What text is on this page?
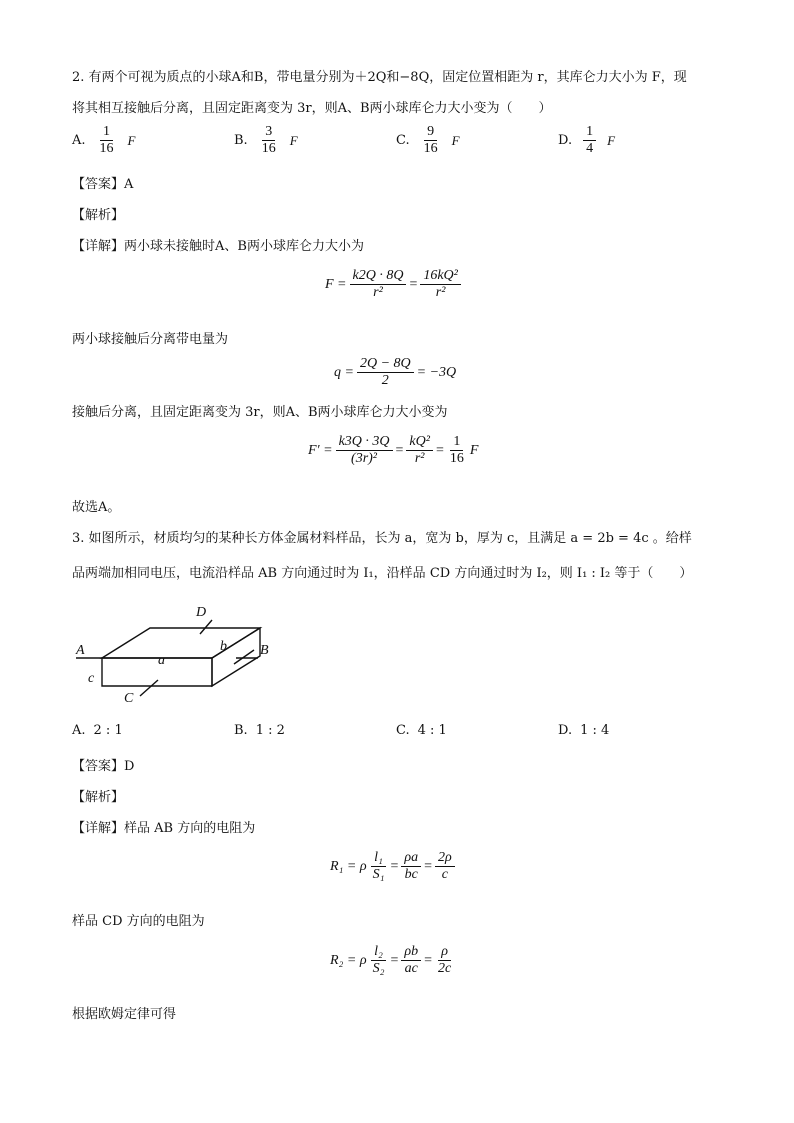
2. 有两个可视为质点的小球A和B，带电量分别为＋2Q和−8Q，固定位置相距为 r，其库仑力大小为 F，现
将其相互接触后分离，且固定距离变为 3r，则A、B两小球库仑力大小变为（　　）
A. $\frac{1}{16}$ F	B. $\frac{3}{16}$ F	C. $\frac{9}{16}$ F	D. $\frac{1}{4}$ F
【答案】A
【解析】
【详解】两小球未接触时A、B两小球库仑力大小为
$F = \frac{k2Q \cdot 8Q}{\text{r²}} = \frac{\text{16kQ²}}{\text{r²}}$
两小球接触后分离带电量为
$q = \frac{2Q - 8Q}{2} = -3Q$
接触后分离，且固定距离变为 3r，则A、B两小球库仑力大小变为
$F' = \frac{k3Q \cdot 3Q}{\text{(3r)²}} = \frac{\text{kQ²}}{\text{r²}} = \frac{1}{16}$ F
故选A。
3. 如图所示，材质均匀的某种长方体金属材料样品，长为 a，宽为 b，厚为 c，且满足 a = 2b = 4c 。给样
品两端加相同电压，电流沿样品 AB 方向通过时为 I₁，沿样品 CD 方向通过时为 I₂，则 I₁ : I₂ 等于（　　）
A	B
D
C
a
b
c
A. 2 : 1	B. 1 : 2	C. 4 : 1	D. 1 : 4
【答案】D
【解析】
【详解】样品 AB 方向的电阻为
R₁ = ρ $\frac{\text{l₁}}{\text{S₁}} = \frac{\rho a}{bc} = \frac{2\rho}{c}$
样品 CD 方向的电阻为
R₂ = ρ $\frac{\text{l₂}}{\text{S₂}} = \frac{\rho b}{ac} = \frac{\rho}{2c}$
根据欧姆定律可得
